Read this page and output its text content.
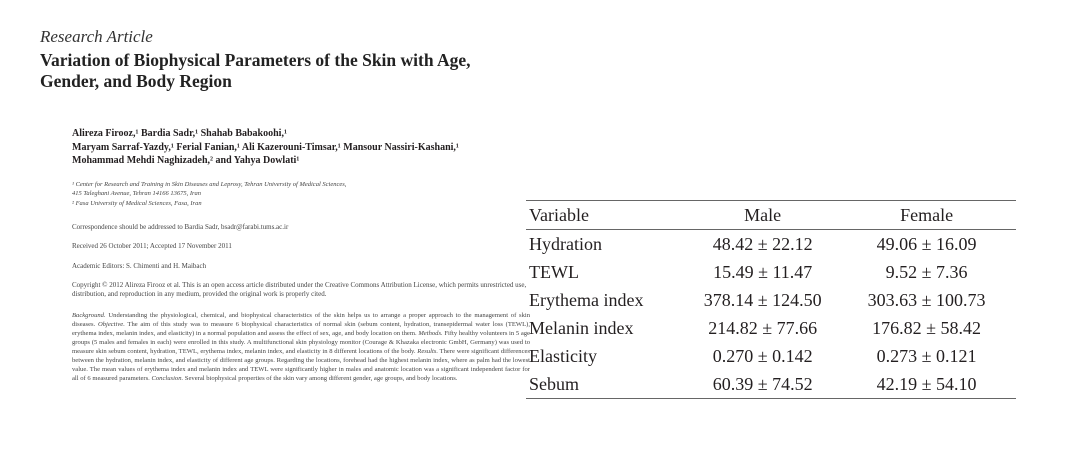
Research Article
Variation of Biophysical Parameters of the Skin with Age, Gender, and Body Region
Alireza Firooz,¹ Bardia Sadr,¹ Shahab Babakoohi,¹
Maryam Sarraf-Yazdy,¹ Ferial Fanian,¹ Ali Kazerouni-Timsar,¹ Mansour Nassiri-Kashani,¹
Mohammad Mehdi Naghizadeh,² and Yahya Dowlati¹
¹ Center for Research and Training in Skin Diseases and Leprosy, Tehran University of Medical Sciences,
415 Taleghani Avenue, Tehran 14166 13675, Iran
² Fasa University of Medical Sciences, Fasa, Iran
Correspondence should be addressed to Bardia Sadr, bsadr@farabi.tums.ac.ir
Received 26 October 2011; Accepted 17 November 2011
Academic Editors: S. Chimenti and H. Maibach
Copyright © 2012 Alireza Firooz et al. This is an open access article distributed under the Creative Commons Attribution License, which permits unrestricted use, distribution, and reproduction in any medium, provided the original work is properly cited.
Background. Understanding the physiological, chemical, and biophysical characteristics of the skin helps us to arrange a proper approach to the management of skin diseases. Objective. The aim of this study was to measure 6 biophysical characteristics of normal skin (sebum content, hydration, transepidermal water loss (TEWL), erythema index, melanin index, and elasticity) in a normal population and assess the effect of sex, age, and body location on them. Methods. Fifty healthy volunteers in 5 age groups (5 males and females in each) were enrolled in this study. A multifunctional skin physiology monitor (Courage & Khazaka electronic GmbH, Germany) was used to measure skin sebum content, hydration, TEWL, erythema index, melanin index, and elasticity in 8 different locations of the body. Results. There were significant differences between the hydration, melanin index, and elasticity of different age groups. Regarding the locations, forehead had the highest melanin index, where as palm had the lowest value. The mean values of erythema index and melanin index and TEWL were significantly higher in males and anatomic location was a significant independent factor for all of 6 measured parameters. Conclusion. Several biophysical properties of the skin vary among different gender, age groups, and body locations.
Variable	Male	Female
Hydration	48.42 ± 22.12	49.06 ± 16.09
TEWL	15.49 ± 11.47	9.52 ± 7.36
Erythema index	378.14 ± 124.50	303.63 ± 100.73
Melanin index	214.82 ± 77.66	176.82 ± 58.42
Elasticity	0.270 ± 0.142	0.273 ± 0.121
Sebum	60.39 ± 74.52	42.19 ± 54.10
